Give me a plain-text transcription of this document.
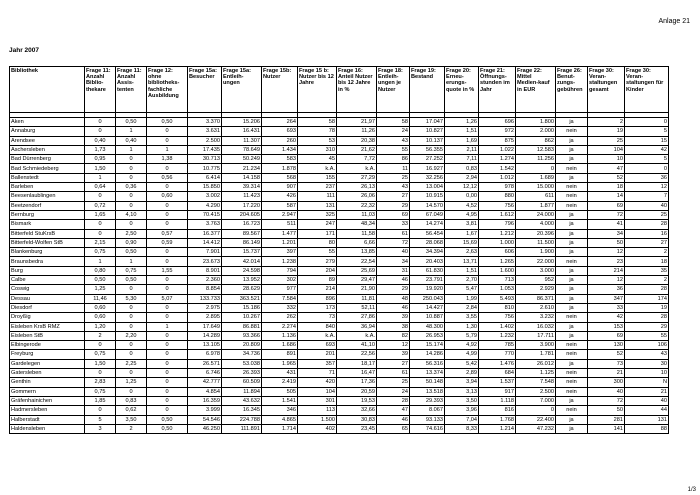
Anlage 21
Jahr 2007
Bibliothek	Frage 11: Anzahl Biblio-thekare	Frage 11: Anzahl Assis-tenten	Frage 12: ohne bibliotheks-fachliche Ausbildung	Frage 15a: Besucher	Frage 15a: Entleih-ungen	Frage 15b: Nutzer	Frage 15 b: Nutzer bis 12 Jahre	Frage 16: Anteil Nutzer bis 12 Jahre in %	Frage 18: Entleih-ungen je Nutzer	Frage 19: Bestand	Frage 20: Erneu-erungs-quote in %	Frage 21: Öffnungs-stunden im Jahr	Frage 22: Mittel Medien-kauf in EUR	Frage 26: Benut-zungs-gebühren	Frage 30: Veran-staltungen gesamt	Frage 30: Veran-staltungen für Kinder

Aken	0	0,50	0,50	3.370	15.206	264	58	21,97	58	17.047	1,26	696	1.800	ja	2	0
Annaburg	0	1	0	3.631	16.431	693	78	11,26	24	10.827	1,51	972	2.000	nein	19	5
Arendsee	0,40	0,40	0	2.500	11.307	260	53	20,38	43	10.137	1,69	875	862	ja	25	15
Aschersleben	1,73	1	1	17.435	78.649	1.434	310	21,62	55	56.355	2,11	1.022	12.583	ja	104	42
Bad Dürrenberg	0,95	0	1,38	30.713	50.249	583	45	7,72	86	27.252	7,11	1.274	11.256	ja	10	5
Bad Schmiedeberg	1,50	0	0	10.775	21.234	1.878	k.A.	k.A.	11	16.927	0,83	1.542	0	nein	47	0
Ballenstedt	1	0	0,56	6.414	14.158	568	155	27,29	25	32.256	2,94	1.012	1.689	ja	52	36
Barleben	0,64	0,36	0	15.850	39.314	907	237	26,13	43	13.004	12,12	978	15.000	nein	18	12
Beesenlaublingen	0	0	0,60	3.002	11.423	426	111	26,06	27	10.915	0,00	880	611	nein	14	7
Beetzendorf	0,72	0	0	4.290	17.220	587	131	22,32	29	14.570	4,52	756	1.877	nein	69	40
Bernburg	1,65	4,10	0	70.415	204.605	2.947	325	11,03	69	67.049	4,95	1.612	24.000	ja	72	25
Bismark	0	0	0	3.763	16.723	511	247	48,34	33	14.274	3,81	796	4.000	ja	41	28
Bitterfeld StuKrsB	0	2,50	0,57	16.377	89.567	1.477	171	11,58	61	56.454	1,67	1.212	20.396	ja	34	16
Bitterfeld-Wolfen StB	2,15	0,90	0,59	14.412	86.149	1.201	80	6,66	72	28.068	15,69	1.000	11.500	ja	50	27
Blankenburg	0,75	0,50	0	7.901	15.737	397	55	13,85	40	34.394	2,63	606	1.900	ja	12	2
Braunsbedra	1	1	0	23.673	42.014	1.238	279	22,54	34	20.403	13,71	1.265	22.000	nein	23	18
Burg	0,80	0,75	1,55	8.901	24.598	794	204	25,69	31	61.830	1,51	1.600	3.000	ja	214	35
Calbe	0,50	0,50	0	2.360	13.952	302	89	29,47	46	23.791	2,70	713	952	ja	12	2
Coswig	1,25	0	0	8.854	28.629	977	214	21,90	29	19.920	5,47	1.053	2.929	ja	36	28
Dessau	11,46	5,30	5,07	133.733	363.521	7.584	896	11,81	48	250.043	1,99	5.493	86.371	ja	347	174
Diesdorf	0,60	0	0	2.975	15.186	332	173	52,11	46	14.427	2,84	810	2.610	ja	33	19
Droyßig	0,60	0	0	2.895	10.267	262	73	27,86	39	10.887	3,55	756	3.232	nein	42	28
Eisleben KrsB RMZ	1,20	0	1	17.649	86.881	2.274	840	36,94	38	48.300	1,30	1.402	16.032	ja	153	29
Eisleben StB	2	2,20	0	14.289	93.366	1.136	k.A.	k.A.	82	26.953	5,79	1.232	17.711	ja	69	55
Elbingerode	0	0	0	13.105	20.809	1.686	693	41,10	12	15.174	4,92	785	3.900	nein	130	106
Freyburg	0,75	0	0	6.978	34.736	891	201	22,56	39	14.286	4,99	770	1.781	nein	52	43
Gardelegen	1,50	2,25	0	26.571	53.038	1.965	357	18,17	27	56.316	5,42	1.476	26.012	ja	73	30
Gatersleben	0	0	0	6.746	26.393	431	71	16,47	61	13.374	2,89	684	1.125	nein	21	10
Genthin	2,83	1,25	0	42.777	60.509	2.419	420	17,36	25	50.148	3,94	1.537	7.548	nein	300	N
Gommern	0,75	0	0	4.854	11.894	505	104	20,59	24	13.518	3,13	917	2.500	nein	40	21
Gräfenhainichen	1,85	0,83	0	16.359	43.632	1.541	301	19,53	28	29.393	3,50	1.118	7.000	ja	72	40
Hadmersleben	0	0,62	0	3.999	16.345	346	113	32,66	47	8.067	3,96	816	0	nein	50	44
Halberstadt	5	3,50	0,50	54.546	224.788	4.865	1.500	30,83	46	93.133	7,04	1.768	22.400	ja	281	131
Haldensleben	3	2	0,50	46.250	111.891	1.714	402	23,45	65	74.616	8,33	1.214	47.232	ja	141	88
1/3
